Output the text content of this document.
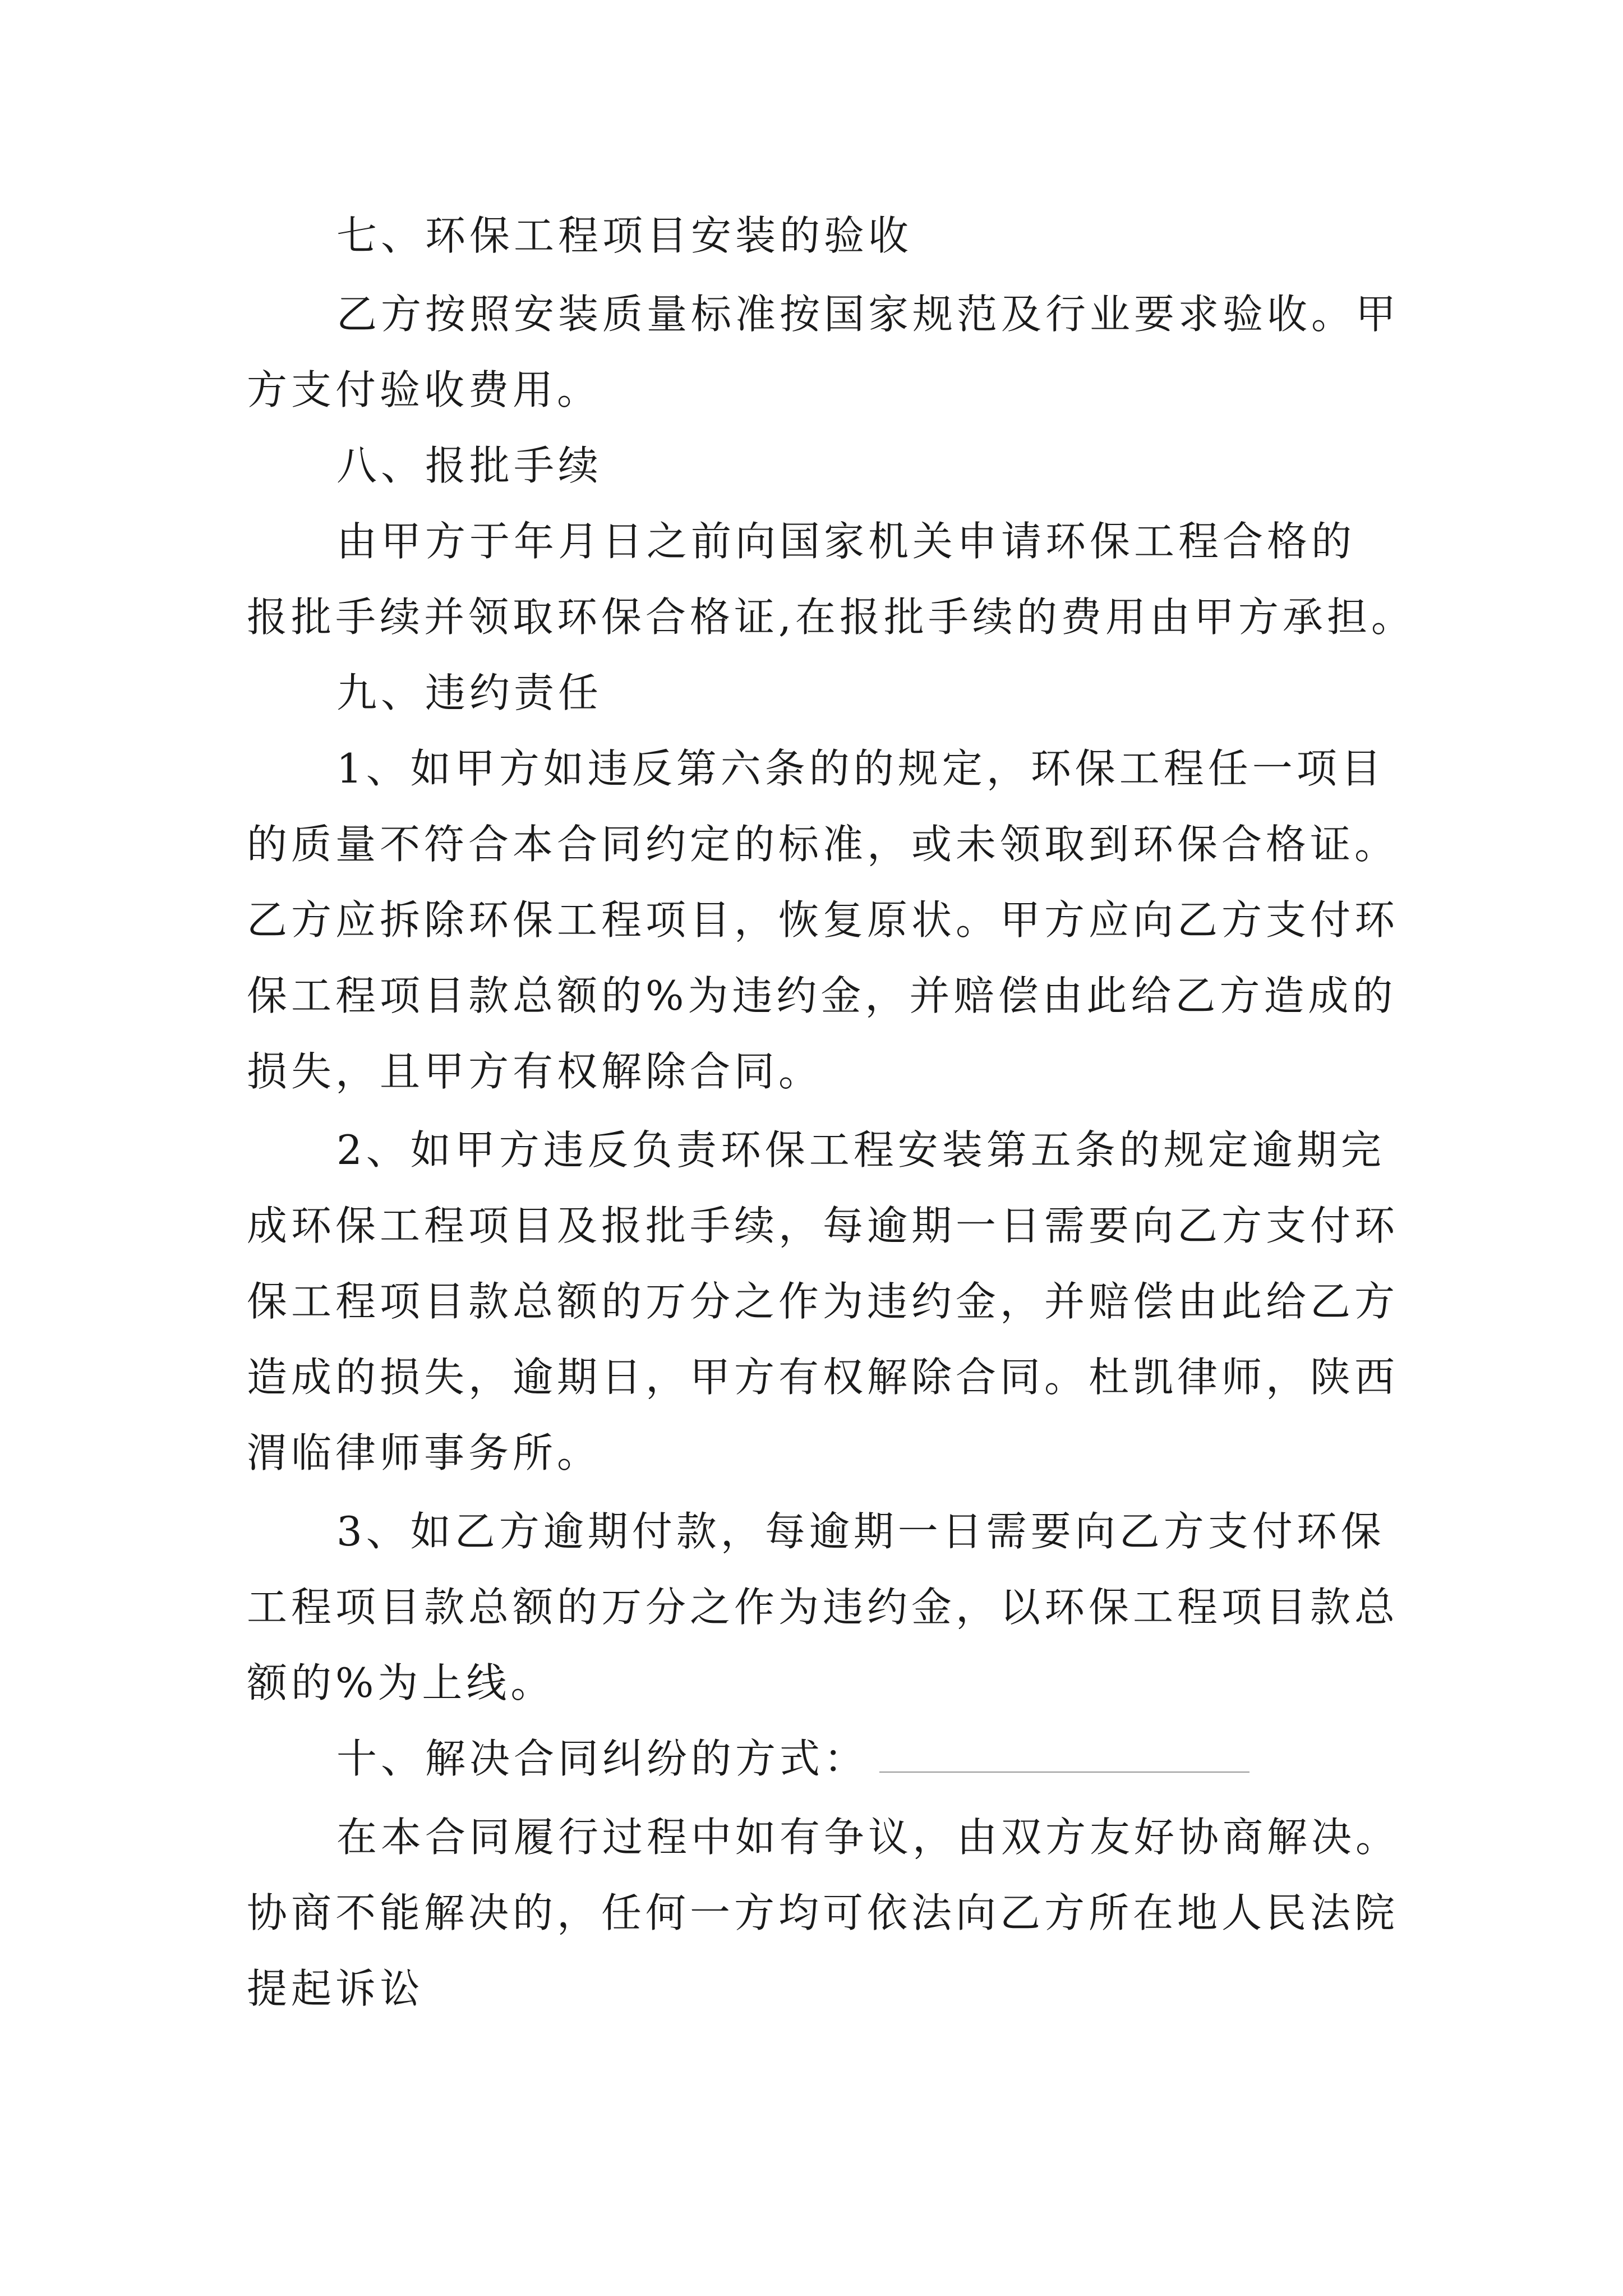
七、环保工程项目安装的验收
乙方按照安装质量标准按国家规范及行业要求验收。甲
方支付验收费用。
八、报批手续
由甲方于年月日之前向国家机关申请环保工程合格的
报批手续并领取环保合格证,在报批手续的费用由甲方承担。
九、违约责任
1、如甲方如违反第六条的的规定，环保工程任一项目
的质量不符合本合同约定的标准，或未领取到环保合格证。
乙方应拆除环保工程项目，恢复原状。甲方应向乙方支付环
保工程项目款总额的%为违约金，并赔偿由此给乙方造成的
损失，且甲方有权解除合同。
2、如甲方违反负责环保工程安装第五条的规定逾期完
成环保工程项目及报批手续，每逾期一日需要向乙方支付环
保工程项目款总额的万分之作为违约金，并赔偿由此给乙方
造成的损失，逾期日，甲方有权解除合同。杜凯律师，陕西
渭临律师事务所。
3、如乙方逾期付款，每逾期一日需要向乙方支付环保
工程项目款总额的万分之作为违约金，以环保工程项目款总
额的%为上线。
十、解决合同纠纷的方式：
在本合同履行过程中如有争议，由双方友好协商解决。
协商不能解决的，任何一方均可依法向乙方所在地人民法院
提起诉讼
